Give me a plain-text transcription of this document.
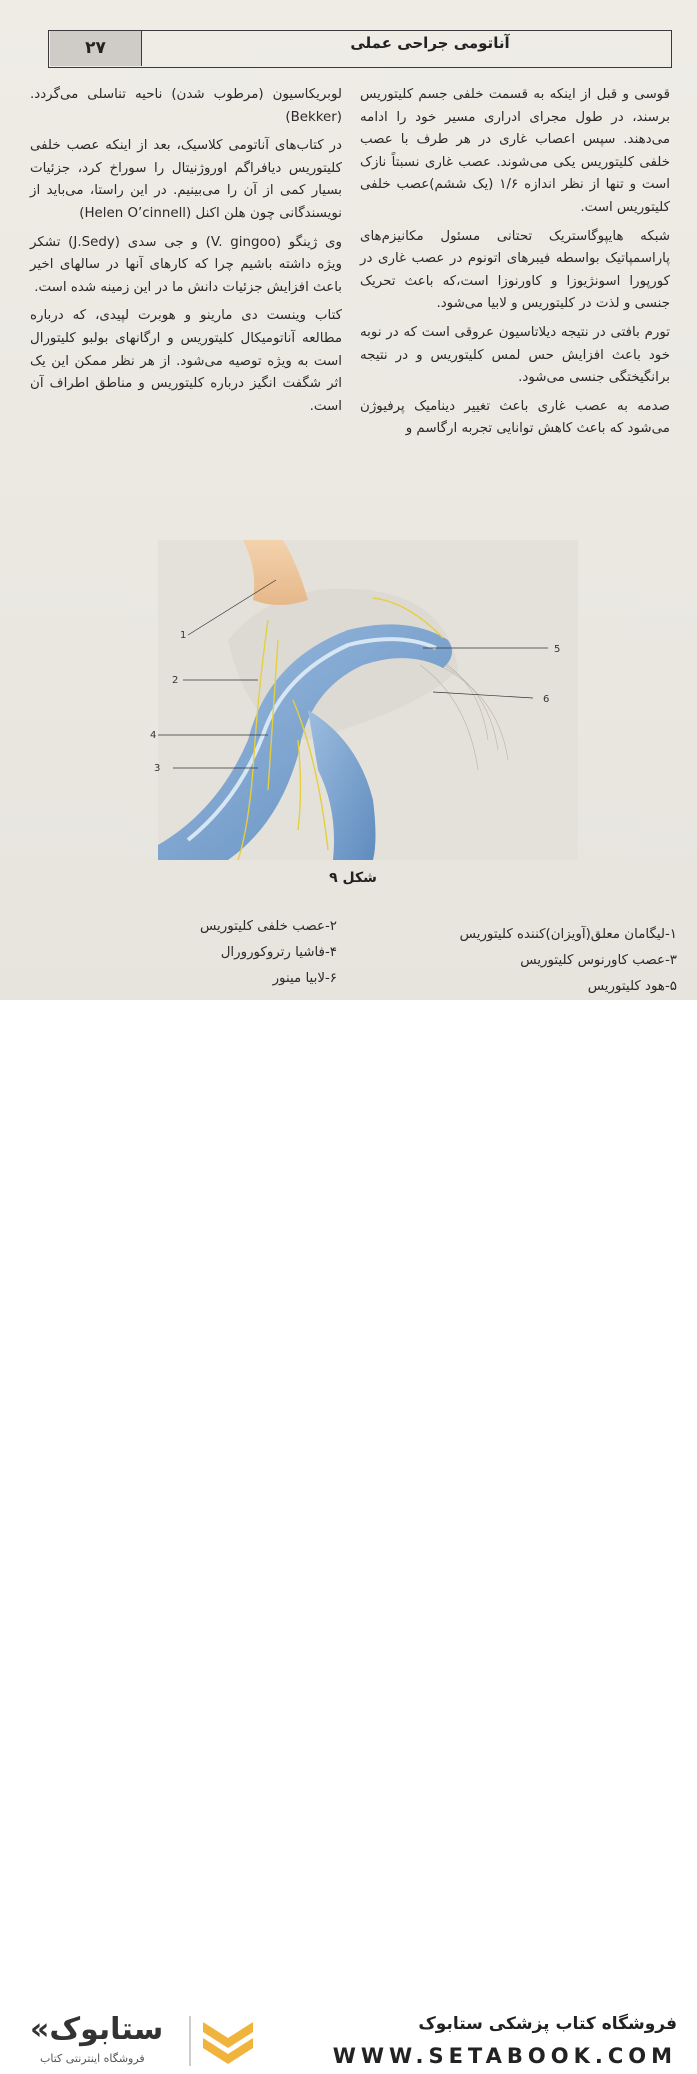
۲۷	آناتومی جراحی عملی

قوسی و قبل از اینکه به قسمت خلفی جسم کلیتوریس برسند، در طول مجرای ادراری مسیر خود را ادامه می‌دهند. سپس اعصاب غاری در هر طرف با عصب خلفی کلیتوریس یکی می‌شوند. عصب غاری نسبتاً نازک است و تنها از نظر اندازه ۱/۶ (یک ششم)عصب خلفی کلیتوریس است.

شبکه هایپوگاستریک تحتانی مسئول مکانیزم‌های پاراسمپاتیک بواسطه فیبرهای اتونوم در عصب غاری در کورپورا اسونژیوزا و کاورنوزا است،که باعث تحریک جنسی و لذت در کلیتوریس و لابیا می‌شود.

تورم بافتی در نتیجه دیلاتاسیون عروقی است که در نوبه خود باعث افزایش حس لمس کلیتوریس و در نتیجه برانگیختگی جنسی می‌شود.

صدمه به عصب غاری باعث تغییر دینامیک پرفیوژن می‌شود که باعث کاهش توانایی تجربه ارگاسم و

لوبریکاسیون (مرطوب شدن) ناحیه تناسلی می‌گردد. (Bekker)

در کتاب‌های آناتومی کلاسیک، بعد از اینکه عصب خلفی کلیتوریس دیافراگم اوروژنیتال را سوراخ کرد، جزئیات بسیار کمی از آن را می‌بینیم. در این راستا، می‌باید از نویسندگانی چون هلن اکنل (Helen O’cinnell)

وی ژینگو (V. gingoo) و جی سدی (J.Sedy) تشکر ویژه داشته باشیم چرا که کارهای آنها در سالهای اخیر باعث افزایش جزئیات دانش ما در این زمینه شده است.

کتاب وینست دی مارینو و هوبرت لپیدی، که درباره مطالعه آناتومیکال کلیتوریس و ارگانهای بولبو کلیتورال است به ویژه توصیه می‌شود. از هر نظر ممکن این یک اثر شگفت انگیز درباره کلیتوریس و مناطق اطراف آن است.

1
2
4
3
5
6
شکل ۹
۱-لیگامان معلق(آویزان)کننده کلیتوریس
۳-عصب کاورنوس کلیتوریس
۵-هود کلیتوریس
۲-عصب خلفی کلیتوریس
۴-فاشیا رتروکورورال
۶-لابیا مینور
«ستابوک
فروشگاه اینترنتی کتاب
فروشگاه کتاب پزشکی ستابوک
WWW.SETABOOK.COM
